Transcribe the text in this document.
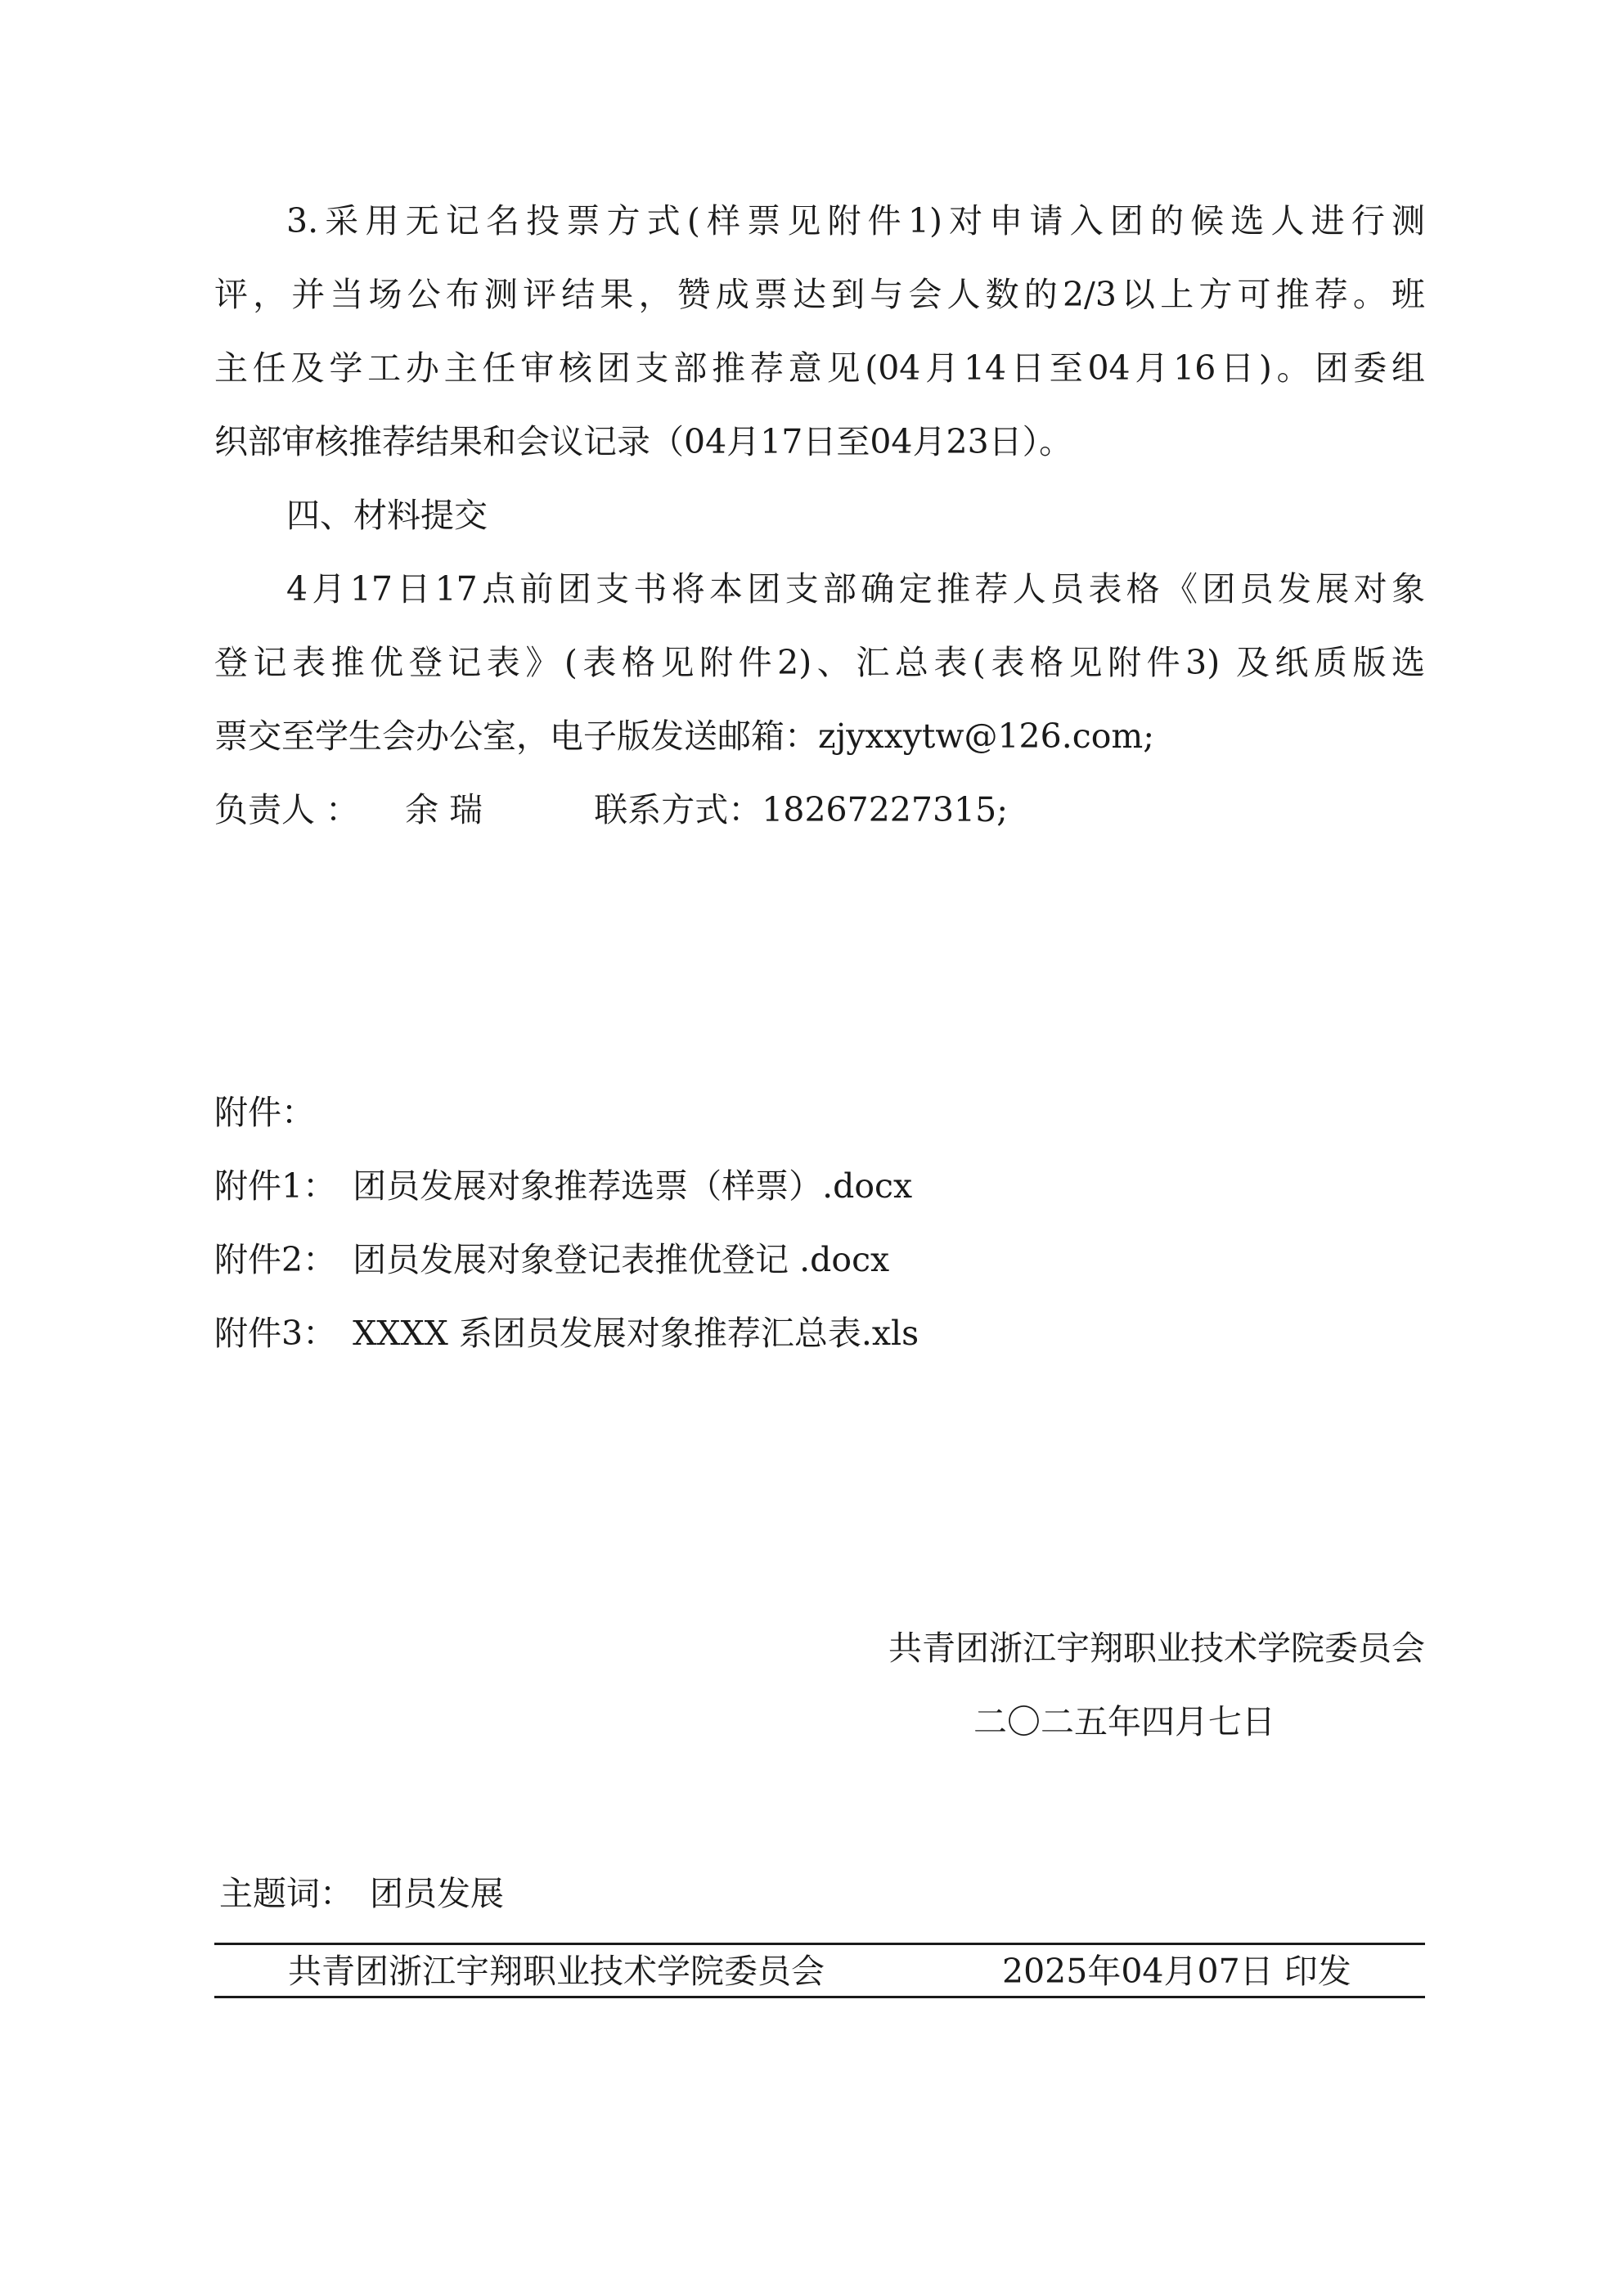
3.采用无记名投票方式(样票见附件1)对申请入团的候选人进行测
评，并当场公布测评结果，赞成票达到与会人数的2/3以上方可推荐。班
主任及学工办主任审核团支部推荐意见(04月14日至04月16日)。团委组
织部审核推荐结果和会议记录（04月17日至04月23日）。
四、材料提交
4月17日17点前团支书将本团支部确定推荐人员表格《团员发展对象
登记表推优登记表》(表格见附件2)、汇总表(表格见附件3) 及纸质版选
票交至学生会办公室，电子版发送邮箱：zjyxxytw@126.com;
负责人 ： 余 瑞	联系方式：18267227315;
附件：
附件1： 团员发展对象推荐选票（样票）.docx
附件2： 团员发展对象登记表推优登记 .docx
附件3： XXXX 系团员发展对象推荐汇总表.xls
共青团浙江宇翔职业技术学院委员会
二〇二五年四月七日
主题词： 团员发展
共青团浙江宇翔职业技术学院委员会	2025年04月07日 印发
